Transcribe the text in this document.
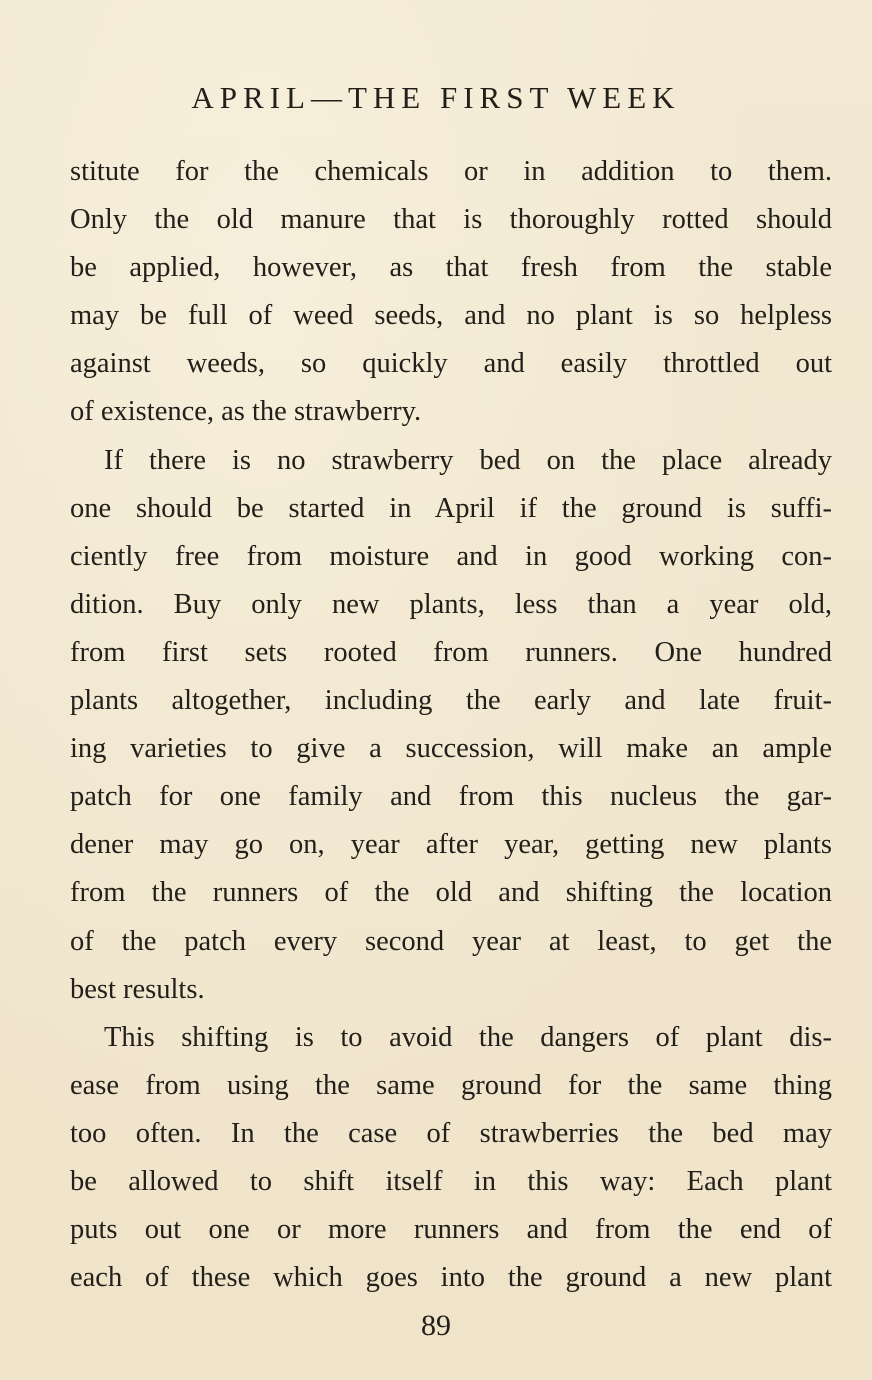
APRIL—THE FIRST WEEK
stitute for the chemicals or in addition to them.
Only the old manure that is thoroughly rotted should
be applied, however, as that fresh from the stable
may be full of weed seeds, and no plant is so helpless
against weeds, so quickly and easily throttled out
of existence, as the strawberry.
If there is no strawberry bed on the place already
one should be started in April if the ground is suffi-
ciently free from moisture and in good working con-
dition. Buy only new plants, less than a year old,
from first sets rooted from runners. One hundred
plants altogether, including the early and late fruit-
ing varieties to give a succession, will make an ample
patch for one family and from this nucleus the gar-
dener may go on, year after year, getting new plants
from the runners of the old and shifting the location
of the patch every second year at least, to get the
best results.
This shifting is to avoid the dangers of plant dis-
ease from using the same ground for the same thing
too often. In the case of strawberries the bed may
be allowed to shift itself in this way: Each plant
puts out one or more runners and from the end of
each of these which goes into the ground a new plant
89
